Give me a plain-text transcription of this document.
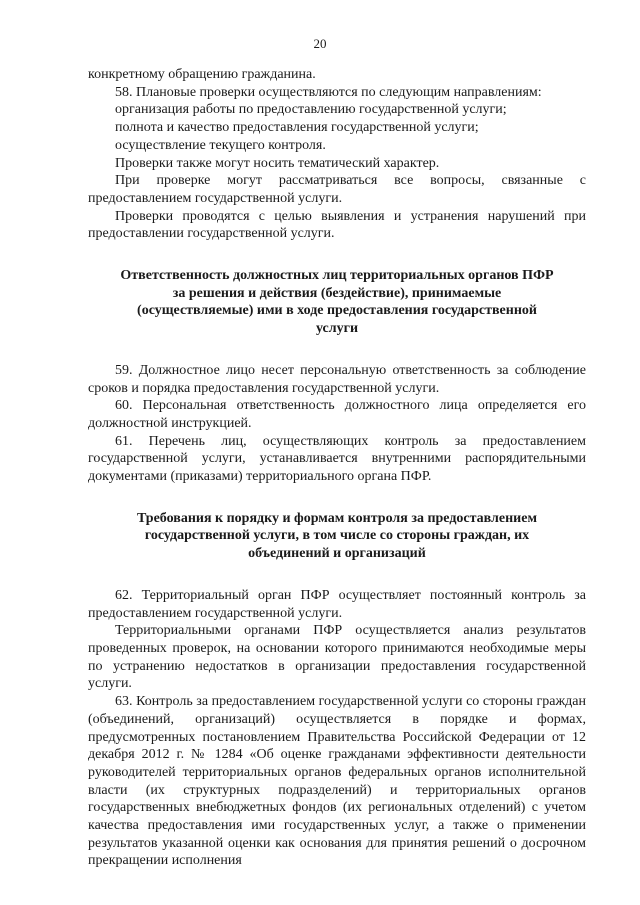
20

конкретному обращению гражданина.

58. Плановые проверки осуществляются по следующим направлениям:

организация работы по предоставлению государственной услуги;

полнота и качество предоставления государственной услуги;

осуществление текущего контроля.

Проверки также могут носить тематический характер.

При проверке могут рассматриваться все вопросы, связанные с предоставлением государственной услуги.

Проверки проводятся с целью выявления и устранения нарушений при предоставлении государственной услуги.

Ответственность должностных лиц территориальных органов ПФР за решения и действия (бездействие), принимаемые (осуществляемые) ими в ходе предоставления государственной услуги

59. Должностное лицо несет персональную ответственность за соблюдение сроков и порядка предоставления государственной услуги.

60. Персональная ответственность должностного лица определяется его должностной инструкцией.

61. Перечень лиц, осуществляющих контроль за предоставлением государственной услуги, устанавливается внутренними распорядительными документами (приказами) территориального органа ПФР.

Требования к порядку и формам контроля за предоставлением государственной услуги, в том числе со стороны граждан, их объединений и организаций

62. Территориальный орган ПФР осуществляет постоянный контроль за предоставлением государственной услуги.

Территориальными органами ПФР осуществляется анализ результатов проведенных проверок, на основании которого принимаются необходимые меры по устранению недостатков в организации предоставления государственной услуги.

63. Контроль за предоставлением государственной услуги со стороны граждан (объединений, организаций) осуществляется в порядке и формах, предусмотренных постановлением Правительства Российской Федерации от 12 декабря 2012 г. № 1284 «Об оценке гражданами эффективности деятельности руководителей территориальных органов федеральных органов исполнительной власти (их структурных подразделений) и территориальных органов государственных внебюджетных фондов (их региональных отделений) с учетом качества предоставления ими государственных услуг, а также о применении результатов указанной оценки как основания для принятия решений о досрочном прекращении исполнения
